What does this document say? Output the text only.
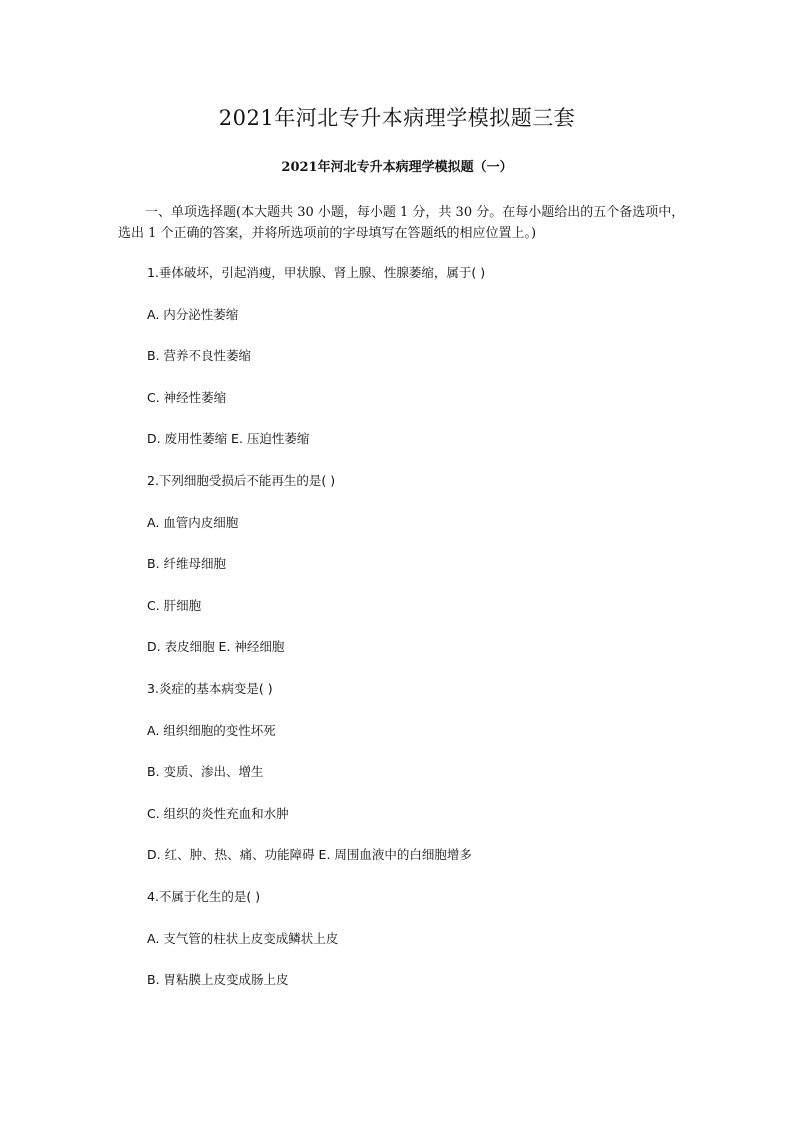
2021年河北专升本病理学模拟题三套
2021年河北专升本病理学模拟题（一）
一、单项选择题(本大题共 30 小题，每小题 1 分，共 30 分。在每小题给出的五个备选项中，选出 1 个正确的答案，并将所选项前的字母填写在答题纸的相应位置上。)
1.垂体破坏，引起消瘦，甲状腺、肾上腺、性腺萎缩，属于( )
A. 内分泌性萎缩
B. 营养不良性萎缩
C. 神经性萎缩
D. 废用性萎缩 E. 压迫性萎缩
2.下列细胞受损后不能再生的是( )
A. 血管内皮细胞
B. 纤维母细胞
C. 肝细胞
D. 表皮细胞 E. 神经细胞
3.炎症的基本病变是( )
A. 组织细胞的变性坏死
B. 变质、渗出、增生
C. 组织的炎性充血和水肿
D. 红、肿、热、痛、功能障碍 E. 周围血液中的白细胞增多
4.不属于化生的是( )
A. 支气管的柱状上皮变成鳞状上皮
B. 胃粘膜上皮变成肠上皮
